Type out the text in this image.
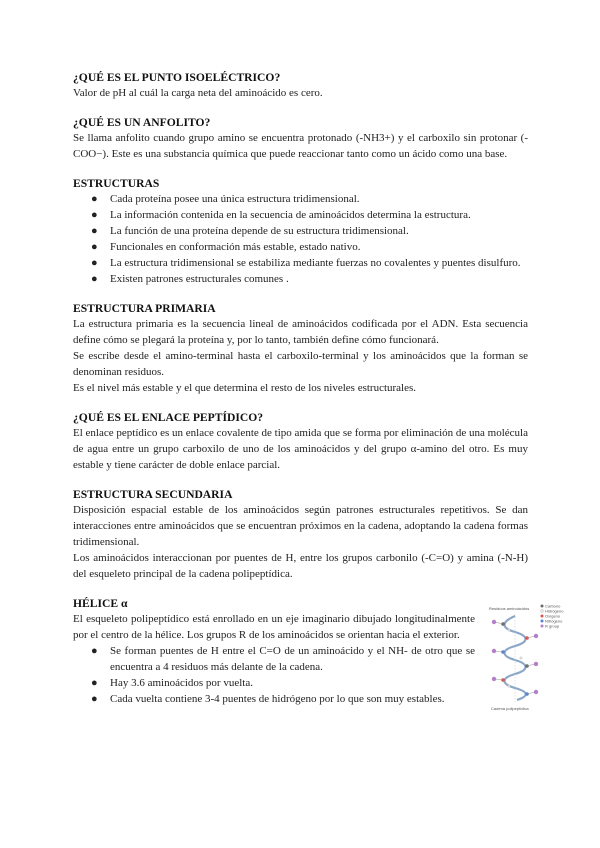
¿QUÉ ES EL PUNTO ISOELÉCTRICO?

Valor de pH al cuál la carga neta del aminoácido es cero.

¿QUÉ ES UN ANFOLITO?

Se llama anfolito cuando grupo amino se encuentra protonado (-NH3+) y el carboxilo sin protonar (-COO−). Este es una substancia química que puede reaccionar tanto como un ácido como una base.

ESTRUCTURAS

● Cada proteína posee una única estructura tridimensional.
● La información contenida en la secuencia de aminoácidos determina la estructura.
● La función de una proteína depende de su estructura tridimensional.
● Funcionales en conformación más estable, estado nativo.
● La estructura tridimensional se estabiliza mediante fuerzas no covalentes y puentes disulfuro.
● Existen patrones estructurales comunes .

ESTRUCTURA PRIMARIA

La estructura primaria es la secuencia lineal de aminoácidos codificada por el ADN. Esta secuencia define cómo se plegará la proteína y, por lo tanto, también define cómo funcionará.

Se escribe desde el amino-terminal hasta el carboxilo-terminal y los aminoácidos que la forman se denominan residuos.

Es el nivel más estable y el que determina el resto de los niveles estructurales.

¿QUÉ ES EL ENLACE PEPTÍDICO?

El enlace peptídico es un enlace covalente de tipo amida que se forma por eliminación de una molécula de agua entre un grupo carboxilo de uno de los aminoácidos y del grupo α-amino del otro. Es muy estable y tiene carácter de doble enlace parcial.

ESTRUCTURA SECUNDARIA

Disposición espacial estable de los aminoácidos según patrones estructurales repetitivos. Se dan interacciones entre aminoácidos que se encuentran próximos en la cadena, adoptando la cadena formas tridimensional.

Los aminoácidos interaccionan por puentes de H, entre los grupos carbonilo (-C=O) y amina (-N-H) del esqueleto principal de la cadena polipeptídica.

HÉLICE α

El esqueleto polipeptídico está enrollado en un eje imaginario dibujado longitudinalmente por el centro de la hélice. Los grupos R de los aminoácidos se orientan hacia el exterior.

● Se forman puentes de H entre el C=O de un aminoácido y el NH- de otro que se encuentra a 4 residuos más delante de la cadena.
● Hay 3.6 aminoácidos por vuelta.
● Cada vuelta contiene 3-4 puentes de hidrógeno por lo que son muy estables.
Residuos aminoácidos	Carbono
Hidrógeno
Oxígeno
Nitrógeno
R group
Cadena polipeptídica
